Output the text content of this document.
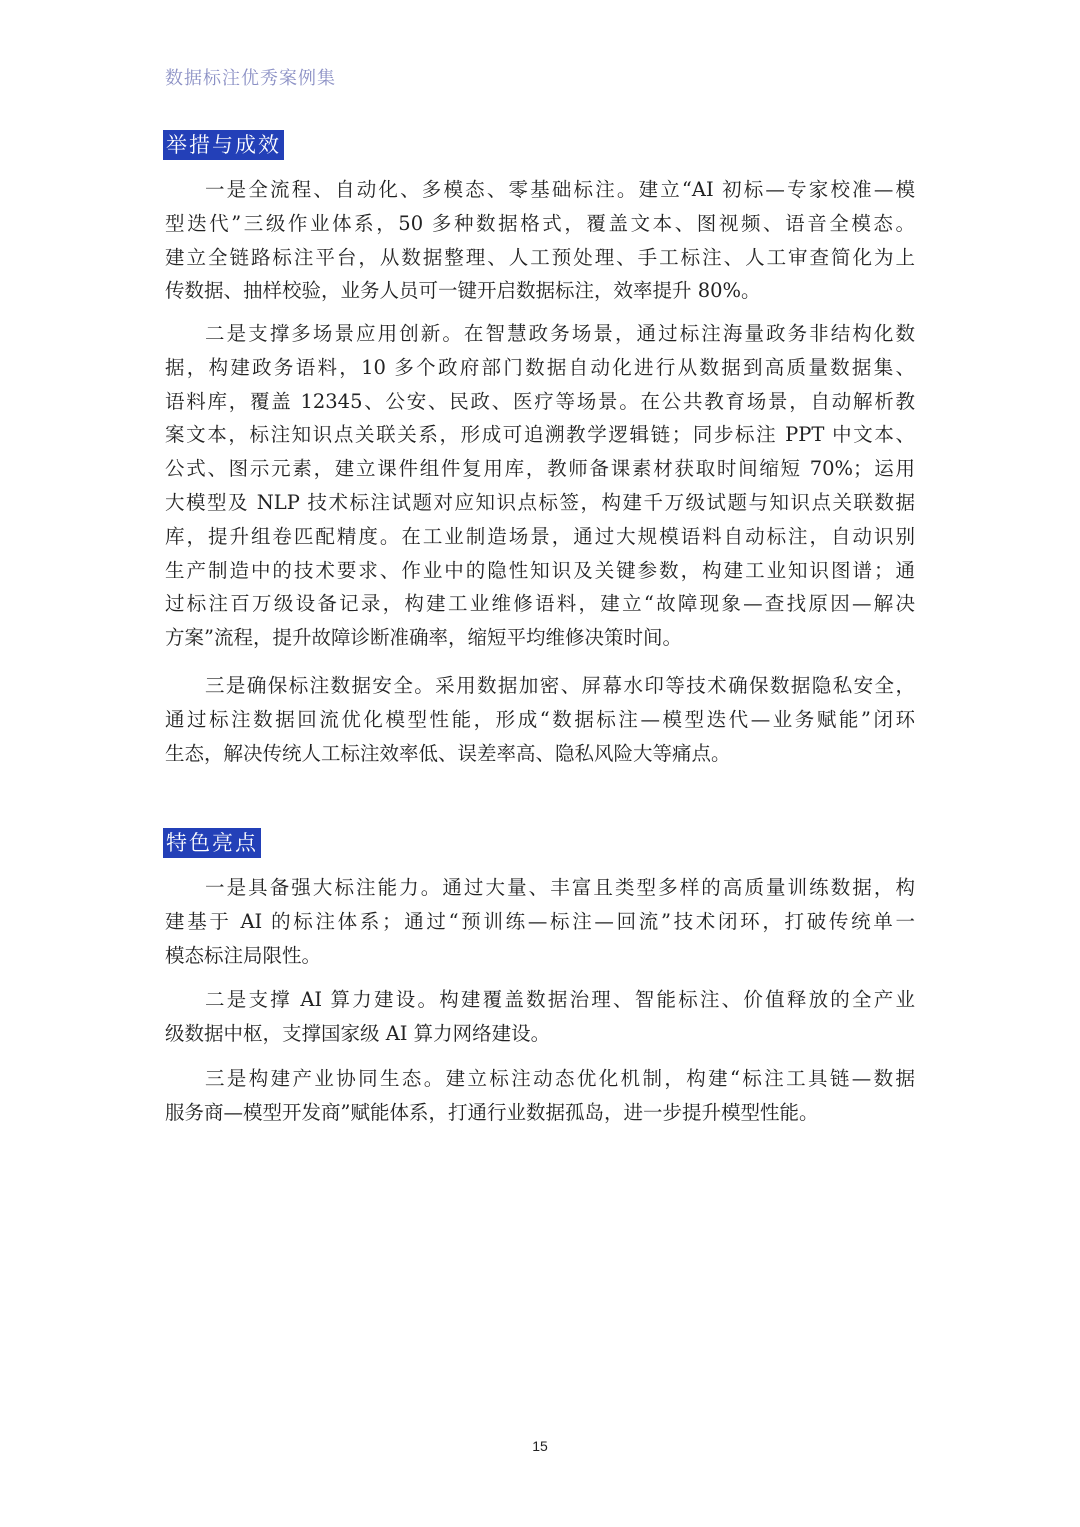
数据标注优秀案例集
举措与成效
一是全流程、自动化、多模态、零基础标注。建立“AI 初标—专家校准—模
型迭代”三级作业体系，50 多种数据格式，覆盖文本、图视频、语音全模态。
建立全链路标注平台，从数据整理、人工预处理、手工标注、人工审查简化为上
传数据、抽样校验，业务人员可一键开启数据标注，效率提升 80%。
二是支撑多场景应用创新。在智慧政务场景，通过标注海量政务非结构化数
据，构建政务语料，10 多个政府部门数据自动化进行从数据到高质量数据集、
语料库，覆盖 12345、公安、民政、医疗等场景。在公共教育场景，自动解析教
案文本，标注知识点关联关系，形成可追溯教学逻辑链；同步标注 PPT 中文本、
公式、图示元素，建立课件组件复用库，教师备课素材获取时间缩短 70%；运用
大模型及 NLP 技术标注试题对应知识点标签，构建千万级试题与知识点关联数据
库，提升组卷匹配精度。在工业制造场景，通过大规模语料自动标注，自动识别
生产制造中的技术要求、作业中的隐性知识及关键参数，构建工业知识图谱；通
过标注百万级设备记录，构建工业维修语料，建立“故障现象—查找原因—解决
方案”流程，提升故障诊断准确率，缩短平均维修决策时间。
三是确保标注数据安全。采用数据加密、屏幕水印等技术确保数据隐私安全，
通过标注数据回流优化模型性能，形成“数据标注—模型迭代—业务赋能”闭环
生态，解决传统人工标注效率低、误差率高、隐私风险大等痛点。
特色亮点
一是具备强大标注能力。通过大量、丰富且类型多样的高质量训练数据，构
建基于 AI 的标注体系；通过“预训练—标注—回流”技术闭环，打破传统单一
模态标注局限性。
二是支撑 AI 算力建设。构建覆盖数据治理、智能标注、价值释放的全产业
级数据中枢，支撑国家级 AI 算力网络建设。
三是构建产业协同生态。建立标注动态优化机制，构建“标注工具链—数据
服务商—模型开发商”赋能体系，打通行业数据孤岛，进一步提升模型性能。
15
